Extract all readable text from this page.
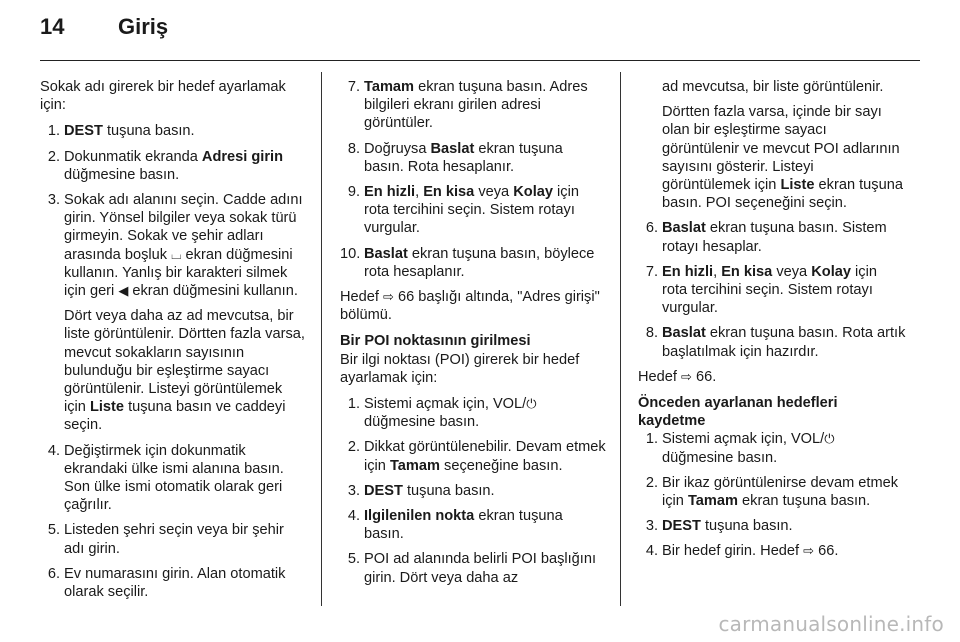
14	Giriş

Sokak adı girerek bir hedef ayarlamak için:

1. DEST tuşuna basın.
2. Dokunmatik ekranda Adresi girin düğmesine basın.
3. Sokak adı alanını seçin. Cadde adını girin. Yönsel bilgiler veya sokak türü girmeyin. Sokak ve şehir adları arasında boşluk ⌴ ekran düğmesini kullanın. Yanlış bir karakteri silmek için geri ◀ ekran düğmesini kullanın.
Dört veya daha az ad mevcutsa, bir liste görüntülenir. Dörtten fazla varsa, mevcut sokakların sayısının bulunduğu bir eşleştirme sayacı görüntülenir. Listeyi görüntülemek için Liste tuşuna basın ve caddeyi seçin.
4. Değiştirmek için dokunmatik ekrandaki ülke ismi alanına basın. Son ülke ismi otomatik olarak geri çağrılır.
5. Listeden şehri seçin veya bir şehir adı girin.
6. Ev numarasını girin. Alan otomatik olarak seçilir.
7. Tamam ekran tuşuna basın. Adres bilgileri ekranı girilen adresi görüntüler.
8. Doğruysa Baslat ekran tuşuna basın. Rota hesaplanır.
9. En hizli, En kisa veya Kolay için rota tercihini seçin. Sistem rotayı vurgular.
10. Baslat ekran tuşuna basın, böylece rota hesaplanır.

Hedef ⇨ 66 başlığı altında, "Adres girişi" bölümü.

Bir POI noktasının girilmesi

Bir ilgi noktası (POI) girerek bir hedef ayarlamak için:

1. Sistemi açmak için, VOL/⏻ düğmesine basın.
2. Dikkat görüntülenebilir. Devam etmek için Tamam seçeneğine basın.
3. DEST tuşuna basın.
4. Ilgilenilen nokta ekran tuşuna basın.
5. POI ad alanında belirli POI başlığını girin. Dört veya daha az
ad mevcutsa, bir liste görüntülenir.
Dörtten fazla varsa, içinde bir sayı olan bir eşleştirme sayacı görüntülenir ve mevcut POI adlarının sayısını gösterir. Listeyi görüntülemek için Liste ekran tuşuna basın. POI seçeneğini seçin.
6. Baslat ekran tuşuna basın. Sistem rotayı hesaplar.
7. En hizli, En kisa veya Kolay için rota tercihini seçin. Sistem rotayı vurgular.
8. Baslat ekran tuşuna basın. Rota artık başlatılmak için hazırdır.

Hedef ⇨ 66.

Önceden ayarlanan hedefleri kaydetme

1. Sistemi açmak için, VOL/⏻ düğmesine basın.
2. Bir ikaz görüntülenirse devam etmek için Tamam ekran tuşuna basın.
3. DEST tuşuna basın.
4. Bir hedef girin. Hedef ⇨ 66.
carmanualsonline.info
